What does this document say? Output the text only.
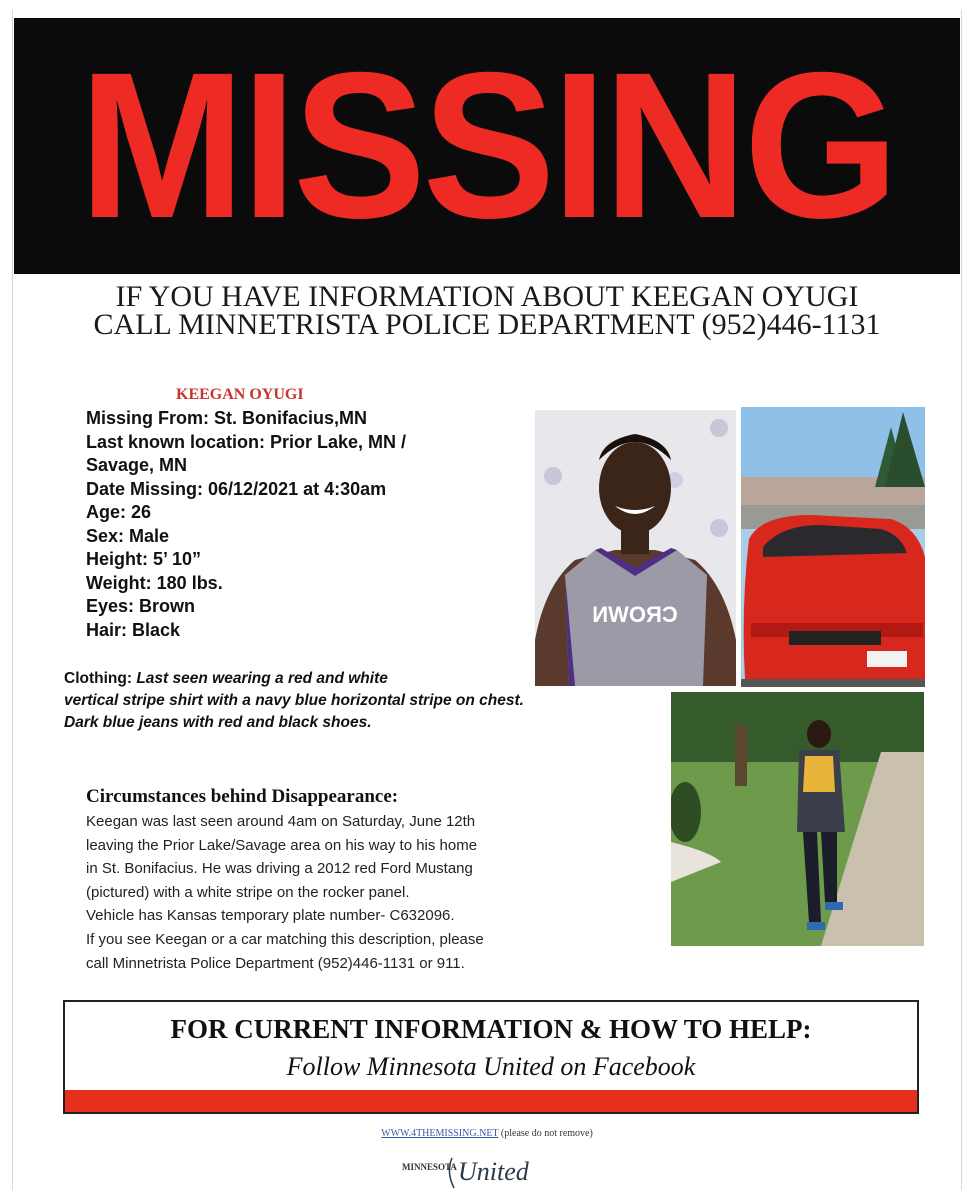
MISSING
IF YOU HAVE INFORMATION ABOUT KEEGAN OYUGI
CALL MINNETRISTA POLICE DEPARTMENT (952)446-1131
KEEGAN OYUGI
Missing From: St. Bonifacius,MN
Last known location: Prior Lake, MN /
Savage, MN
Date Missing: 06/12/2021 at 4:30am
Age: 26
Sex: Male
Height: 5’ 10”
Weight: 180 lbs.
Eyes: Brown
Hair: Black
CROWN
Clothing: Last seen wearing a red and white
vertical stripe shirt with a navy blue horizontal stripe on chest.
Dark blue jeans with red and black shoes.
Circumstances behind Disappearance:
Keegan was last seen around 4am on Saturday, June 12th
leaving the Prior Lake/Savage area on his way to his home
in St. Bonifacius. He was driving a 2012 red Ford Mustang
(pictured) with a white stripe on the rocker panel.
Vehicle has Kansas temporary plate number- C632096.
If you see Keegan or a car matching this description, please
call Minnetrista Police Department (952)446-1131 or 911.
FOR CURRENT INFORMATION & HOW TO HELP:
Follow Minnesota United on Facebook
WWW.4THEMISSING.NET (please do not remove)
MINNESOTA United
